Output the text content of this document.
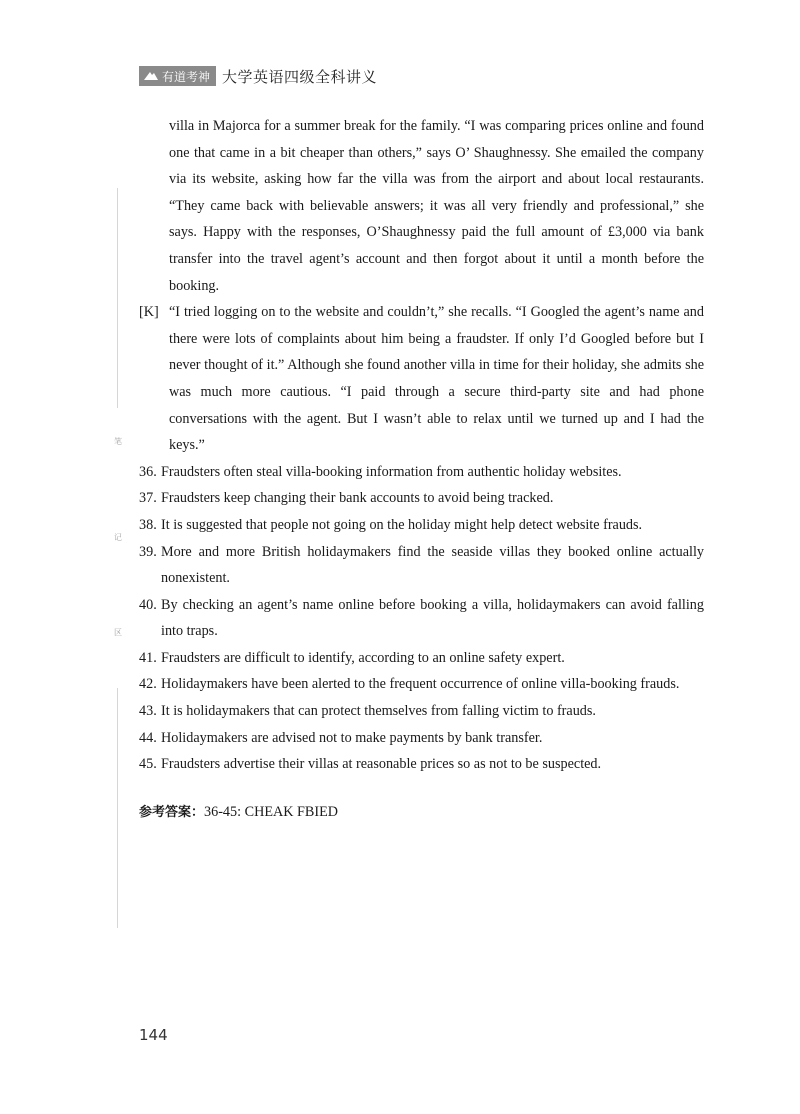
有道考神 大学英语四级全科讲义
笔
记
区

villa in Majorca for a summer break for the family. “I was comparing prices online and found one that came in a bit cheaper than others,” says O’ Shaughnessy. She emailed the company via its website, asking how far the villa was from the airport and about local restaurants. “They came back with believable answers; it was all very friendly and professional,” she says. Happy with the responses, O’Shaughnessy paid the full amount of £3,000 via bank transfer into the travel agent’s account and then forgot about it until a month before the booking.

[K] “I tried logging on to the website and couldn’t,” she recalls. “I Googled the agent’s name and there were lots of complaints about him being a fraudster. If only I’d Googled before but I never thought of it.” Although she found another villa in time for their holiday, she admits she was much more cautious. “I paid through a secure third-party site and had phone conversations with the agent. But I wasn’t able to relax until we turned up and I had the keys.”
36. Fraudsters often steal villa-booking information from authentic holiday websites.
37. Fraudsters keep changing their bank accounts to avoid being tracked.
38. It is suggested that people not going on the holiday might help detect website frauds.
39. More and more British holidaymakers find the seaside villas they booked online actually nonexistent.
40. By checking an agent’s name online before booking a villa, holidaymakers can avoid falling into traps.
41. Fraudsters are difficult to identify, according to an online safety expert.
42. Holidaymakers have been alerted to the frequent occurrence of online villa-booking frauds.
43. It is holidaymakers that can protect themselves from falling victim to frauds.
44. Holidaymakers are advised not to make payments by bank transfer.
45. Fraudsters advertise their villas at reasonable prices so as not to be suspected.
参考答案：36-45: CHEAK FBIED
144
